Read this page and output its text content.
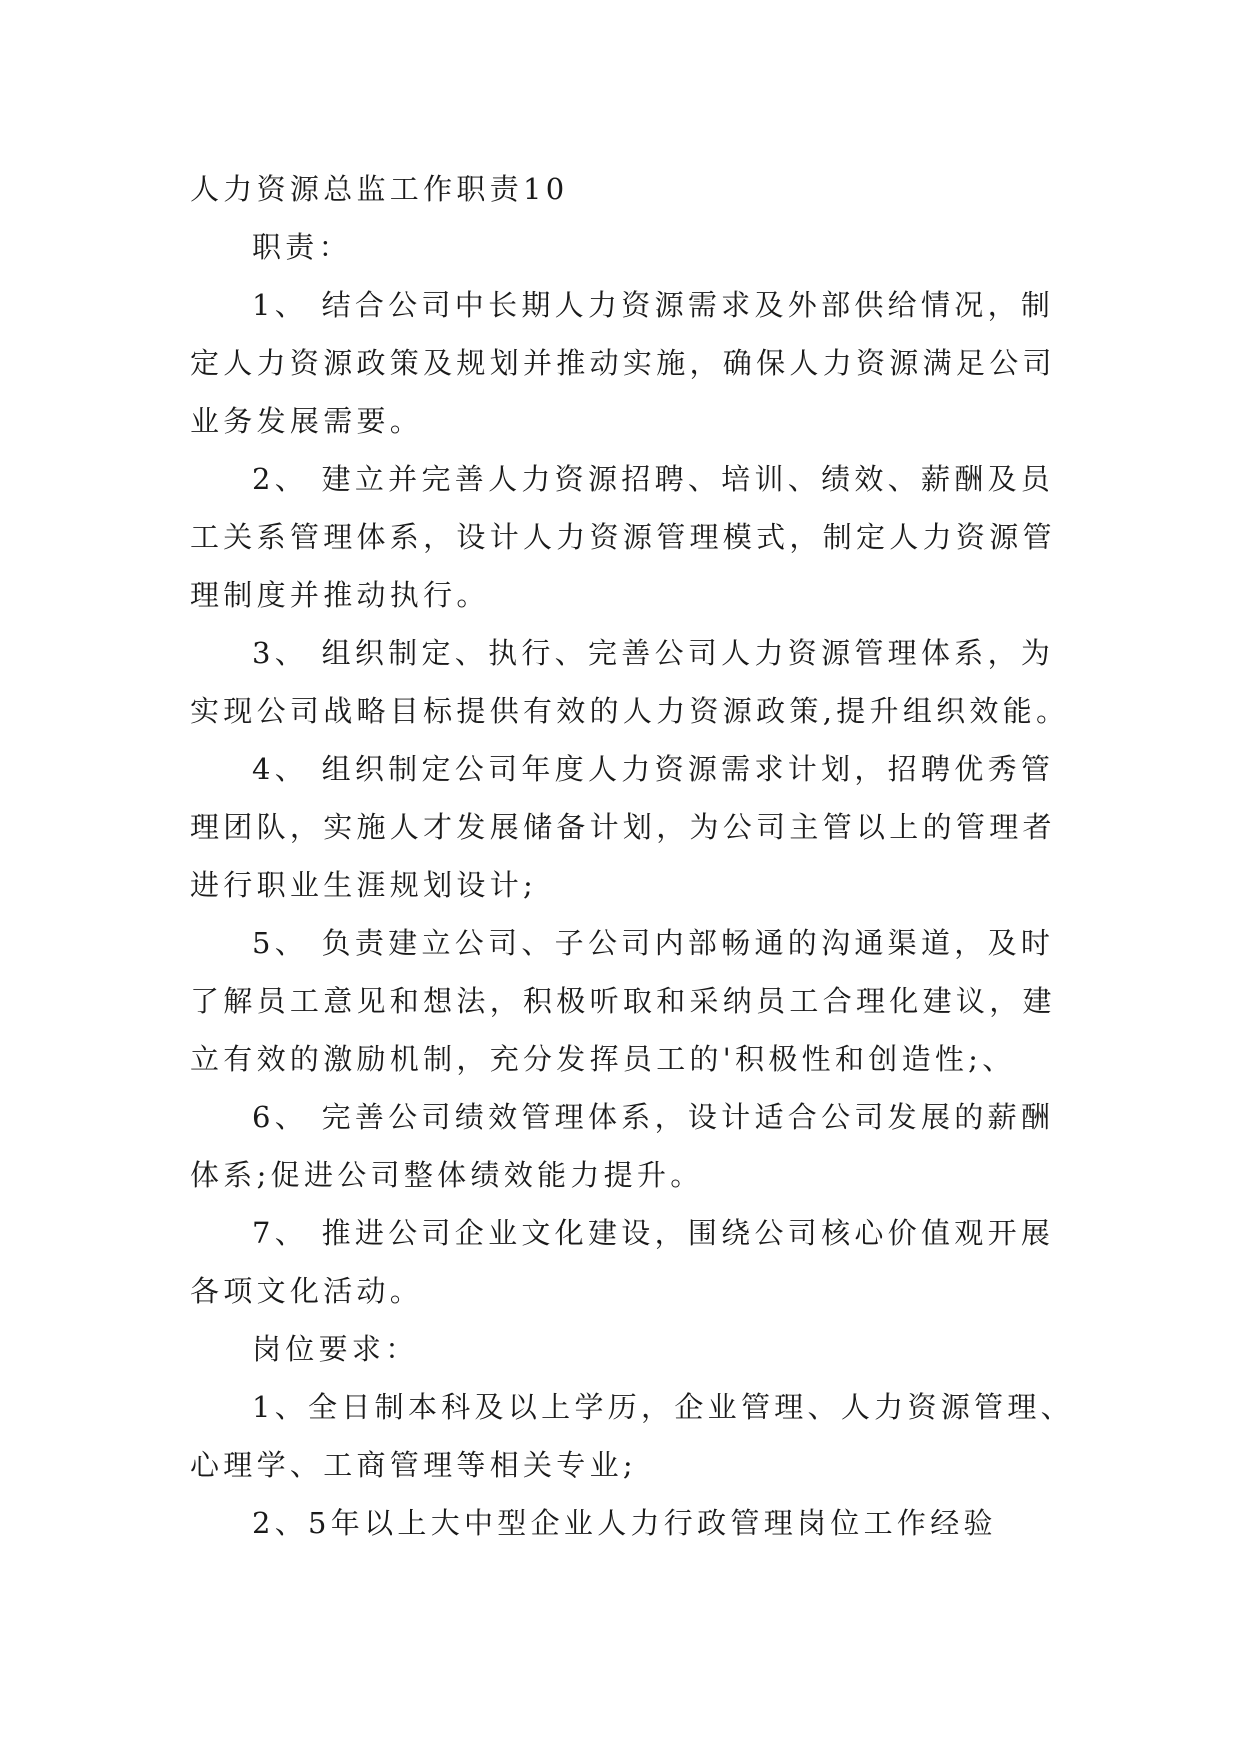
人力资源总监工作职责10
职责：
1、 结合公司中长期人力资源需求及外部供给情况，制
定人力资源政策及规划并推动实施，确保人力资源满足公司
业务发展需要。
2、 建立并完善人力资源招聘、培训、绩效、薪酬及员
工关系管理体系，设计人力资源管理模式，制定人力资源管
理制度并推动执行。
3、 组织制定、执行、完善公司人力资源管理体系，为
实现公司战略目标提供有效的人力资源政策,提升组织效能。
4、 组织制定公司年度人力资源需求计划，招聘优秀管
理团队，实施人才发展储备计划，为公司主管以上的管理者
进行职业生涯规划设计;
5、 负责建立公司、子公司内部畅通的沟通渠道，及时
了解员工意见和想法，积极听取和采纳员工合理化建议，建
立有效的激励机制，充分发挥员工的'积极性和创造性;、
6、 完善公司绩效管理体系，设计适合公司发展的薪酬
体系;促进公司整体绩效能力提升。
7、 推进公司企业文化建设，围绕公司核心价值观开展
各项文化活动。
岗位要求：
1、全日制本科及以上学历，企业管理、人力资源管理、
心理学、工商管理等相关专业;
2、5年以上大中型企业人力行政管理岗位工作经验
